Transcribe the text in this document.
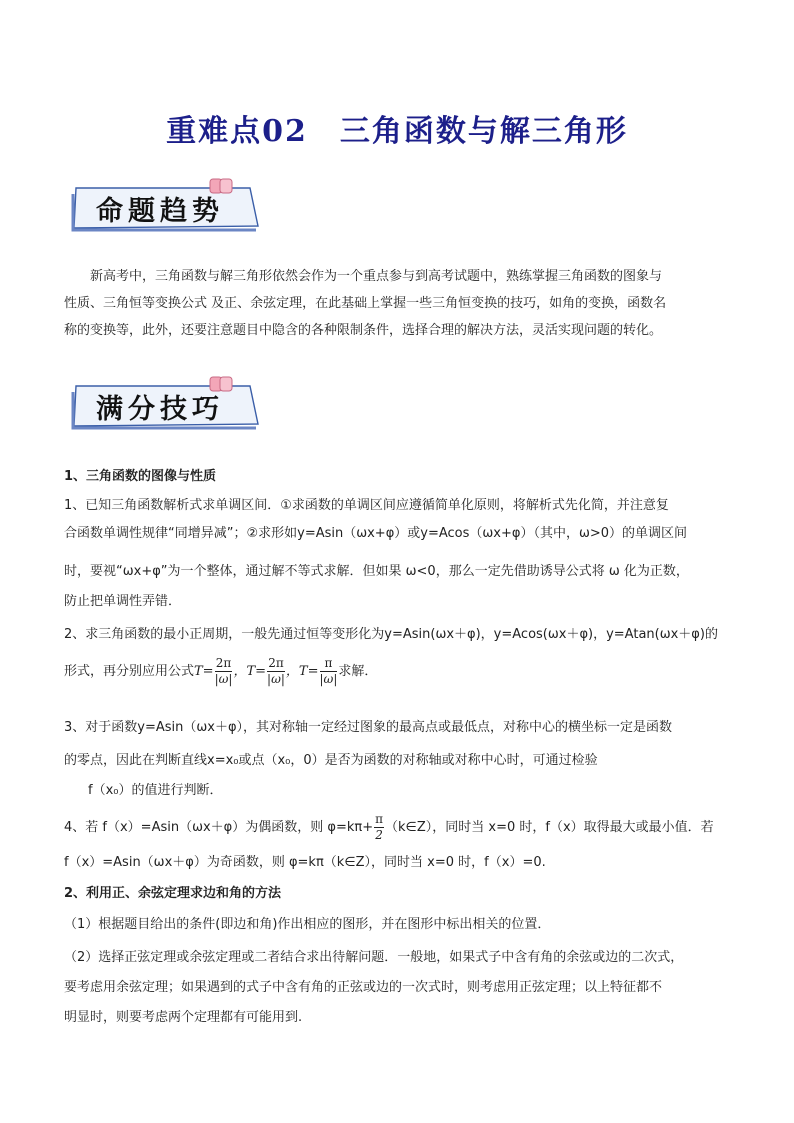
重难点02　三角函数与解三角形
命题趋势
新高考中，三角函数与解三角形依然会作为一个重点参与到高考试题中，熟练掌握三角函数的图象与
性质、三角恒等变换公式 及正、余弦定理，在此基础上掌握一些三角恒变换的技巧，如角的变换，函数名
称的变换等，此外，还要注意题目中隐含的各种限制条件，选择合理的解决方法，灵活实现问题的转化。
满分技巧
1、三角函数的图像与性质
1、已知三角函数解析式求单调区间．①求函数的单调区间应遵循简单化原则，将解析式先化简，并注意复
合函数单调性规律“同增异减”；②求形如y=Asin（ωx+φ）或y=Acos（ωx+φ）（其中，ω>0）的单调区间
时，要视“ωx+φ”为一个整体，通过解不等式求解．但如果 ω<0，那么一定先借助诱导公式将 ω 化为正数，
防止把单调性弄错．
2、求三角函数的最小正周期，一般先通过恒等变形化为y=Asin(ωx＋φ)，y=Acos(ωx＋φ)，y=Atan(ωx＋φ)的
形式，再分别应用公式$T= \frac{2\pi}{|\omega|}$ ，$T= \frac{2\pi}{|\omega|}$ ，$T= \frac{\pi}{|\omega|}$ 求解．
3、对于函数y=Asin（ωx＋φ），其对称轴一定经过图象的最高点或最低点，对称中心的横坐标一定是函数
的零点，因此在判断直线x=x₀或点（x₀，0）是否为函数的对称轴或对称中心时，可通过检验
f（x₀）的值进行判断．
4、若 f（x）=Asin（ωx＋φ）为偶函数，则 $\varphi=k\pi+ \frac{\pi}{2}$ （k∈Z），同时当 x=0 时，f（x）取得最大或最小值．若
f（x）=Asin（ωx＋φ）为奇函数，则 φ=kπ（k∈Z），同时当 x=0 时，f（x）=0.
2、利用正、余弦定理求边和角的方法
（1）根据题目给出的条件(即边和角)作出相应的图形，并在图形中标出相关的位置．
（2）选择正弦定理或余弦定理或二者结合求出待解问题．一般地，如果式子中含有角的余弦或边的二次式，
要考虑用余弦定理；如果遇到的式子中含有角的正弦或边的一次式时，则考虑用正弦定理；以上特征都不
明显时，则要考虑两个定理都有可能用到.
